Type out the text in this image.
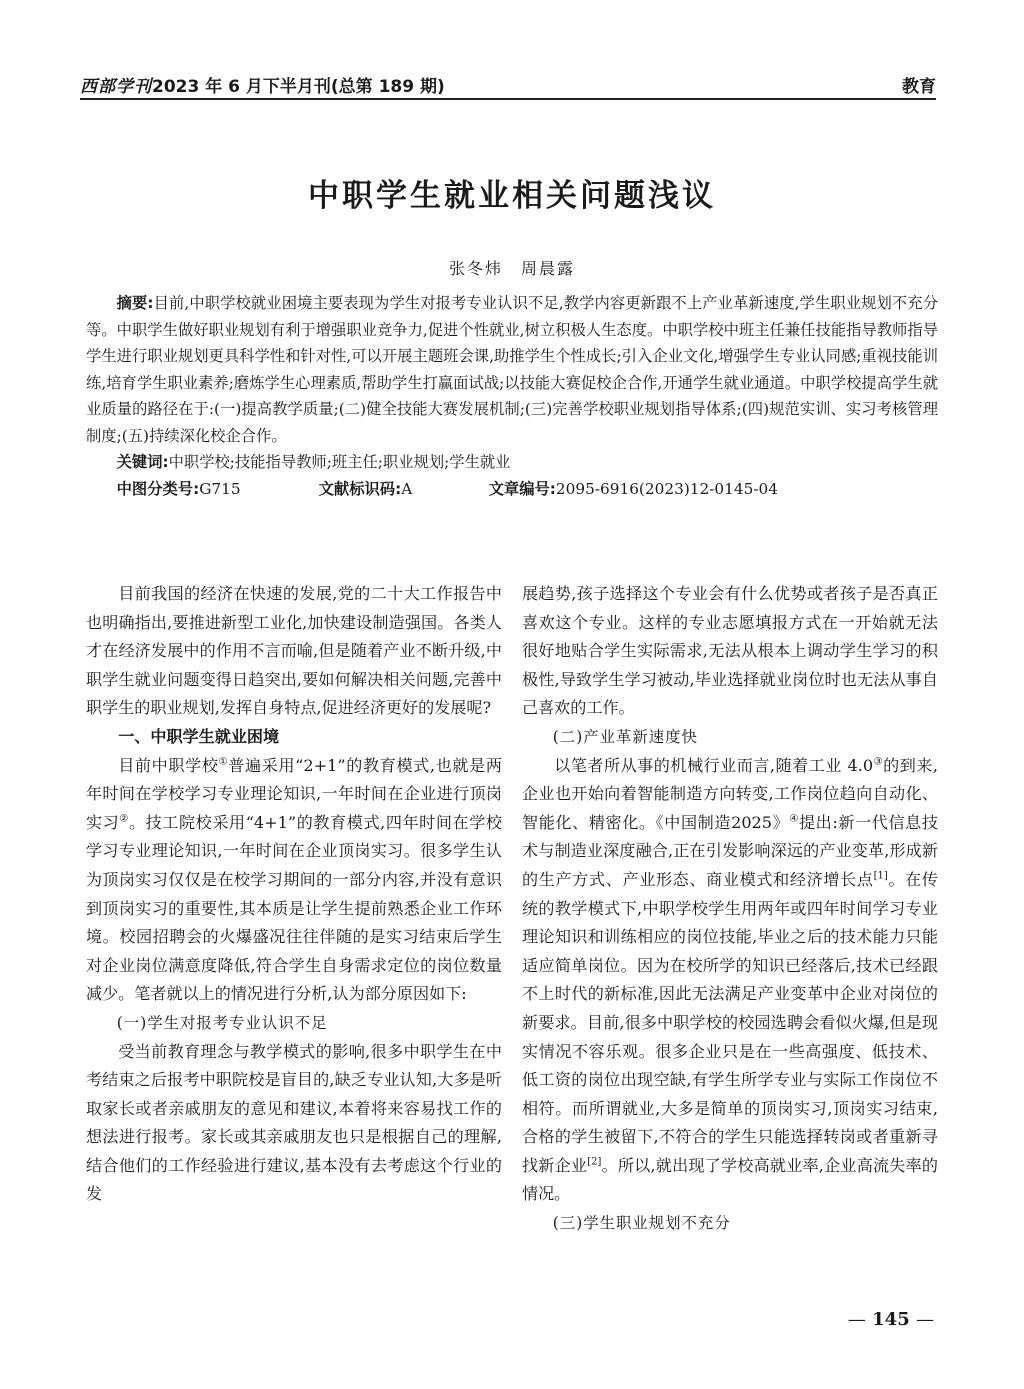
西部学刊2023 年 6 月下半月刊(总第 189 期)	教育
中职学生就业相关问题浅议
张冬炜　周晨露

摘要:目前,中职学校就业困境主要表现为学生对报考专业认识不足,教学内容更新跟不上产业革新速度,学生职业规划不充分等。中职学生做好职业规划有利于增强职业竞争力,促进个性就业,树立积极人生态度。中职学校中班主任兼任技能指导教师指导学生进行职业规划更具科学性和针对性,可以开展主题班会课,助推学生个性成长;引入企业文化,增强学生专业认同感;重视技能训练,培育学生职业素养;磨炼学生心理素质,帮助学生打赢面试战;以技能大赛促校企合作,开通学生就业通道。中职学校提高学生就业质量的路径在于:(一)提高教学质量;(二)健全技能大赛发展机制;(三)完善学校职业规划指导体系;(四)规范实训、实习考核管理制度;(五)持续深化校企合作。

关键词:中职学校;技能指导教师;班主任;职业规划;学生就业

中图分类号:G715	文献标识码:A	文章编号:2095-6916(2023)12-0145-04

目前我国的经济在快速的发展,党的二十大工作报告中也明确指出,要推进新型工业化,加快建设制造强国。各类人才在经济发展中的作用不言而喻,但是随着产业不断升级,中职学生就业问题变得日趋突出,要如何解决相关问题,完善中职学生的职业规划,发挥自身特点,促进经济更好的发展呢?

一、中职学生就业困境

目前中职学校①普遍采用“2+1”的教育模式,也就是两年时间在学校学习专业理论知识,一年时间在企业进行顶岗实习②。技工院校采用“4+1”的教育模式,四年时间在学校学习专业理论知识,一年时间在企业顶岗实习。很多学生认为顶岗实习仅仅是在校学习期间的一部分内容,并没有意识到顶岗实习的重要性,其本质是让学生提前熟悉企业工作环境。校园招聘会的火爆盛况往往伴随的是实习结束后学生对企业岗位满意度降低,符合学生自身需求定位的岗位数量减少。笔者就以上的情况进行分析,认为部分原因如下:

(一)学生对报考专业认识不足

受当前教育理念与教学模式的影响,很多中职学生在中考结束之后报考中职院校是盲目的,缺乏专业认知,大多是听取家长或者亲戚朋友的意见和建议,本着将来容易找工作的想法进行报考。家长或其亲戚朋友也只是根据自己的理解,结合他们的工作经验进行建议,基本没有去考虑这个行业的发

展趋势,孩子选择这个专业会有什么优势或者孩子是否真正喜欢这个专业。这样的专业志愿填报方式在一开始就无法很好地贴合学生实际需求,无法从根本上调动学生学习的积极性,导致学生学习被动,毕业选择就业岗位时也无法从事自己喜欢的工作。

(二)产业革新速度快

以笔者所从事的机械行业而言,随着工业 4.0③的到来,企业也开始向着智能制造方向转变,工作岗位趋向自动化、智能化、精密化。《中国制造2025》④提出:新一代信息技术与制造业深度融合,正在引发影响深远的产业变革,形成新的生产方式、产业形态、商业模式和经济增长点[1]。在传统的教学模式下,中职学校学生用两年或四年时间学习专业理论知识和训练相应的岗位技能,毕业之后的技术能力只能适应简单岗位。因为在校所学的知识已经落后,技术已经跟不上时代的新标准,因此无法满足产业变革中企业对岗位的新要求。目前,很多中职学校的校园选聘会看似火爆,但是现实情况不容乐观。很多企业只是在一些高强度、低技术、低工资的岗位出现空缺,有学生所学专业与实际工作岗位不相符。而所谓就业,大多是简单的顶岗实习,顶岗实习结束,合格的学生被留下,不符合的学生只能选择转岗或者重新寻找新企业[2]。所以,就出现了学校高就业率,企业高流失率的情况。

(三)学生职业规划不充分
— 145 —
